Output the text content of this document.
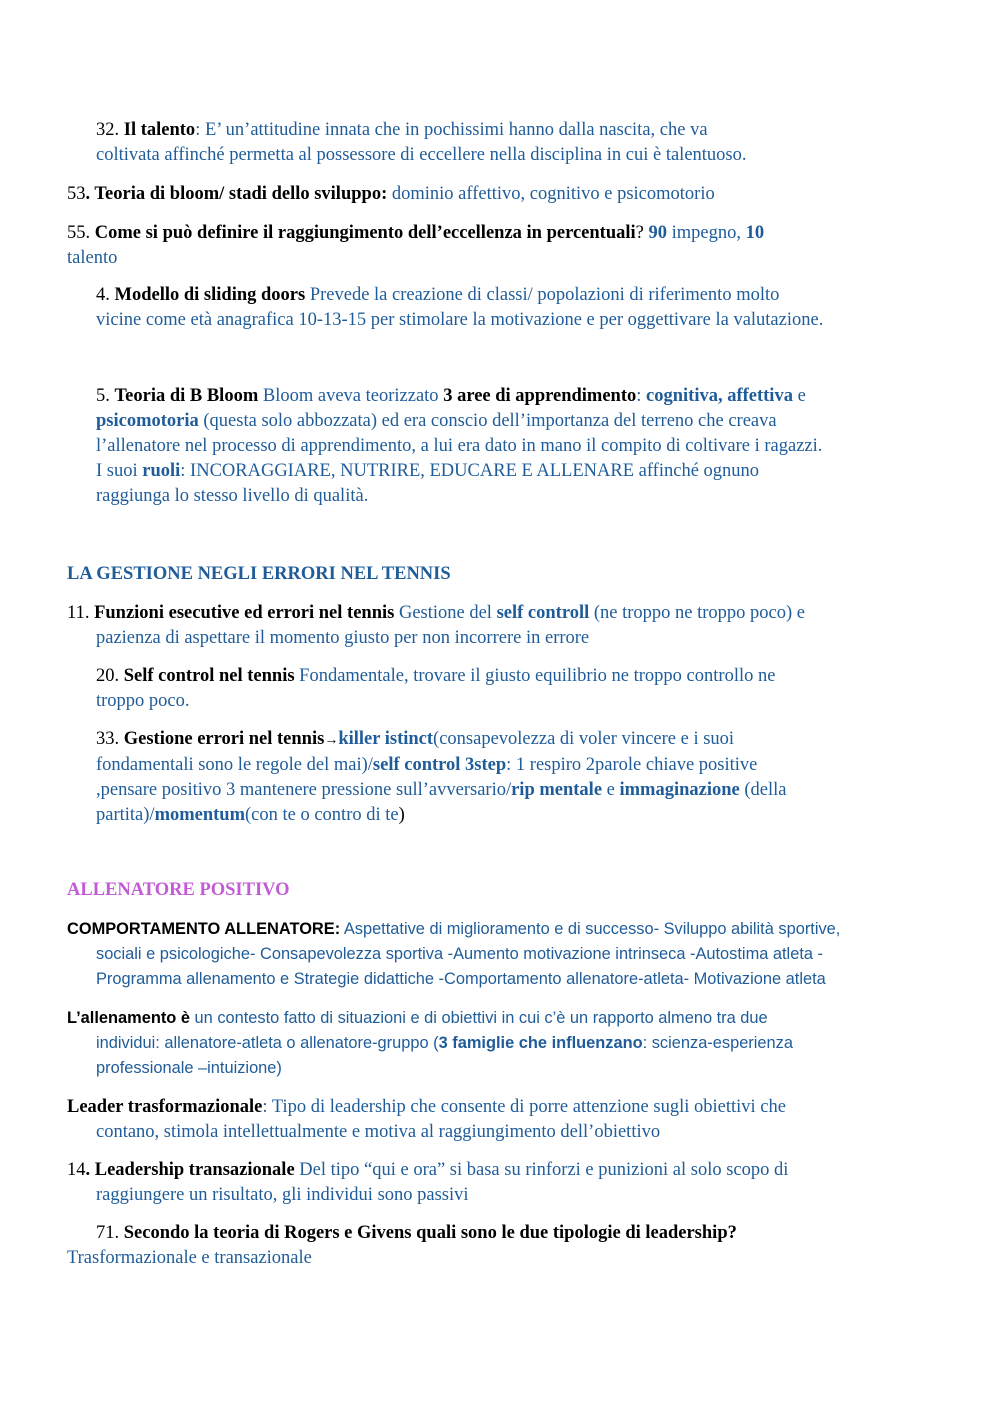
32. Il talento: E’ un’attitudine innata che in pochissimi hanno dalla nascita, che va
coltivata affinché permetta al possessore di eccellere nella disciplina in cui è talentuoso.
53. Teoria di bloom/ stadi dello sviluppo: dominio affettivo, cognitivo e psicomotorio
55. Come si può definire il raggiungimento dell’eccellenza in percentuali? 90 impegno, 10
talento
4. Modello di sliding doors Prevede la creazione di classi/ popolazioni di riferimento molto
vicine come età anagrafica 10-13-15 per stimolare la motivazione e per oggettivare la valutazione.
5. Teoria di B Bloom Bloom aveva teorizzato 3 aree di apprendimento: cognitiva, affettiva e
psicomotoria (questa solo abbozzata) ed era conscio dell’importanza del terreno che creava
l’allenatore nel processo di apprendimento, a lui era dato in mano il compito di coltivare i ragazzi.
I suoi ruoli: INCORAGGIARE, NUTRIRE, EDUCARE E ALLENARE affinché ognuno
raggiunga lo stesso livello di qualità.
LA GESTIONE NEGLI ERRORI NEL TENNIS
11. Funzioni esecutive ed errori nel tennis Gestione del self controll (ne troppo ne troppo poco) e
pazienza di aspettare il momento giusto per non incorrere in errore
20. Self control nel tennis Fondamentale, trovare il giusto equilibrio ne troppo controllo ne
troppo poco.
33. Gestione errori nel tennis→killer istinct(consapevolezza di voler vincere e i suoi
fondamentali sono le regole del mai)/self control 3step: 1 respiro 2parole chiave positive
,pensare positivo 3 mantenere pressione sull’avversario/rip mentale e immaginazione (della
partita)/momentum(con te o contro di te)
ALLENATORE POSITIVO
COMPORTAMENTO ALLENATORE: Aspettative di miglioramento e di successo- Sviluppo abilità sportive,
sociali e psicologiche- Consapevolezza sportiva -Aumento motivazione intrinseca -Autostima atleta -
Programma allenamento e Strategie didattiche -Comportamento allenatore-atleta- Motivazione atleta
L’allenamento è un contesto fatto di situazioni e di obiettivi in cui c’è un rapporto almeno tra due
individui: allenatore-atleta o allenatore-gruppo (3 famiglie che influenzano: scienza-esperienza
professionale –intuizione)
Leader trasformazionale: Tipo di leadership che consente di porre attenzione sugli obiettivi che
contano, stimola intellettualmente e motiva al raggiungimento dell’obiettivo
14. Leadership transazionale Del tipo “qui e ora” si basa su rinforzi e punizioni al solo scopo di
raggiungere un risultato, gli individui sono passivi
71. Secondo la teoria di Rogers e Givens quali sono le due tipologie di leadership?
Trasformazionale e transazionale
